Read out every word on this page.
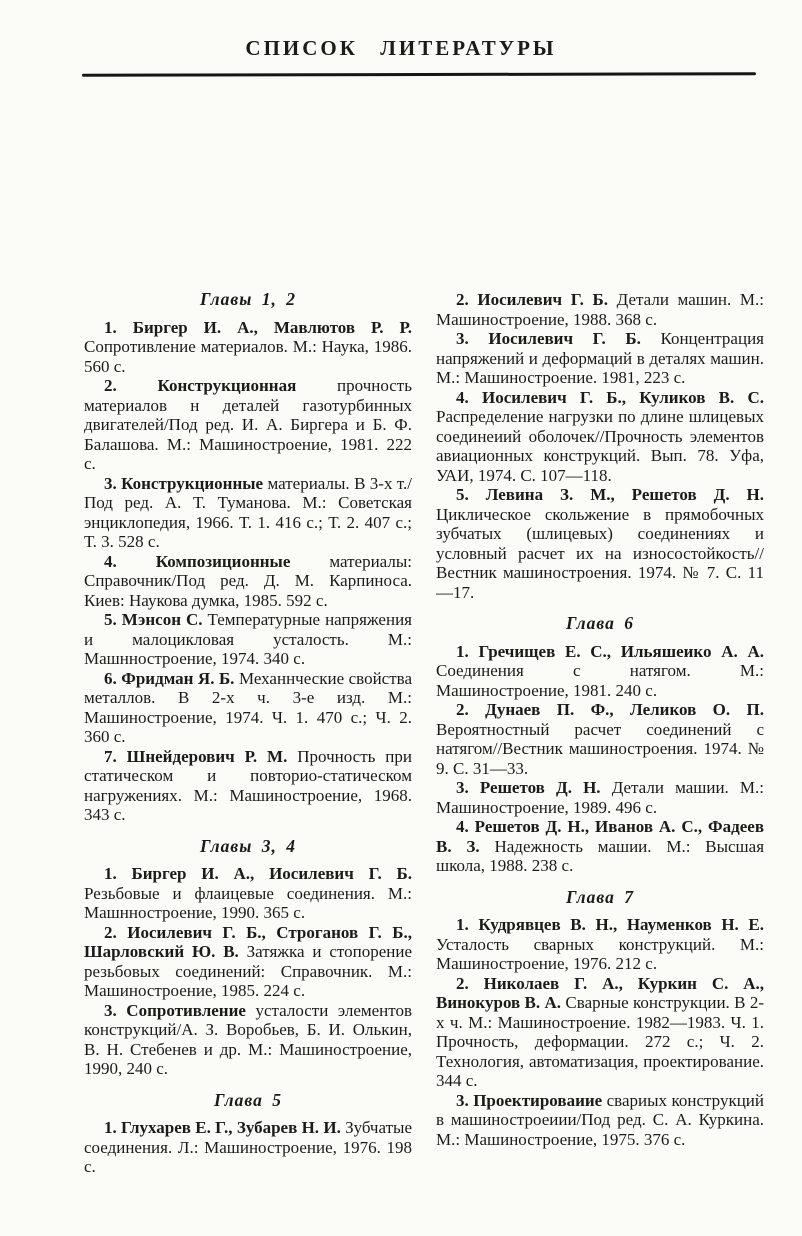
СПИСОК ЛИТЕРАТУРЫ
Главы 1, 2

1. Биргер И. А., Мавлютов Р. Р. Сопротивление материалов. М.: Наука, 1986. 560 с.

2. Конструкционная прочность материалов н деталей газотурбинных двигателей/Под ред. И. А. Биргера и Б. Ф. Балашова. М.: Машиностроение, 1981. 222 с.

3. Конструкционные материалы. В 3-х т./Под ред. А. Т. Туманова. М.: Советская энциклопедия, 1966. Т. 1. 416 с.; Т. 2. 407 с.; Т. 3. 528 с.

4. Композиционные материалы: Справочник/Под ред. Д. М. Карпиноса. Киев: Наукова думка, 1985. 592 с.

5. Мэнсон С. Температурные напряжения и малоцикловая усталость. М.: Машнностроение, 1974. 340 с.

6. Фридман Я. Б. Механнческие свойства металлов. В 2-х ч. 3-е изд. М.: Машиностроение, 1974. Ч. 1. 470 с.; Ч. 2. 360 с.

7. Шнейдерович Р. М. Прочность при статическом и повторио-статическом нагружениях. М.: Машиностроение, 1968. 343 с.

Главы 3, 4

1. Биргер И. А., Иосилевич Г. Б. Резьбовые и флаицевые соединения. М.: Машнностроение, 1990. 365 с.

2. Иосилевич Г. Б., Строганов Г. Б., Шарловский Ю. В. Затяжка и стопорение резьбовых соединений: Справочник. М.: Машиностроение, 1985. 224 с.

3. Сопротивление усталости элементов конструкций/А. З. Воробьев, Б. И. Олькин, В. Н. Стебенев и др. М.: Машиностроение, 1990, 240 с.

Глава 5

1. Глухарев Е. Г., Зубарев Н. И. Зубчатые соединения. Л.: Машиностроение, 1976. 198 с.

2. Иосилевич Г. Б. Детали машин. М.: Машиностроение, 1988. 368 с.

3. Иосилевич Г. Б. Концентрация напряжений и деформаций в деталях машин. М.: Машиностроение. 1981, 223 с.

4. Иосилевич Г. Б., Куликов В. С. Распределение нагрузки по длине шлицевых соединеиий оболочек//Прочность элементов авиационных конструкций. Вып. 78. Уфа, УАИ, 1974. С. 107—118.

5. Левина З. М., Решетов Д. Н. Циклическое скольжение в прямобочных зубчатых (шлицевых) соединениях и условный расчет их на износостойкость//Вестник машиностроения. 1974. № 7. С. 11—17.

Глава 6

1. Гречищев Е. С., Ильяшеико А. А. Соединения с натягом. М.: Машиностроение, 1981. 240 с.

2. Дунаев П. Ф., Леликов О. П. Вероятностный расчет соединений с натягом//Вестник машиностроения. 1974. № 9. С. 31—33.

3. Решетов Д. Н. Детали машии. М.: Машиностроение, 1989. 496 с.

4. Решетов Д. Н., Иванов А. С., Фадеев В. З. Надежность машии. М.: Высшая школа, 1988. 238 с.

Глава 7

1. Кудрявцев В. Н., Науменков Н. Е. Усталость сварных конструкций. М.: Машиностроение, 1976. 212 с.

2. Николаев Г. А., Куркин С. А., Винокуров В. А. Сварные конструкции. В 2-х ч. М.: Машиностроение. 1982—1983. Ч. 1. Прочность, деформации. 272 с.; Ч. 2. Технология, автоматизация, проектирование. 344 с.

3. Проектироваиие свариых конструкций в машиностроеиии/Под ред. С. А. Куркина. М.: Машиностроение, 1975. 376 с.
